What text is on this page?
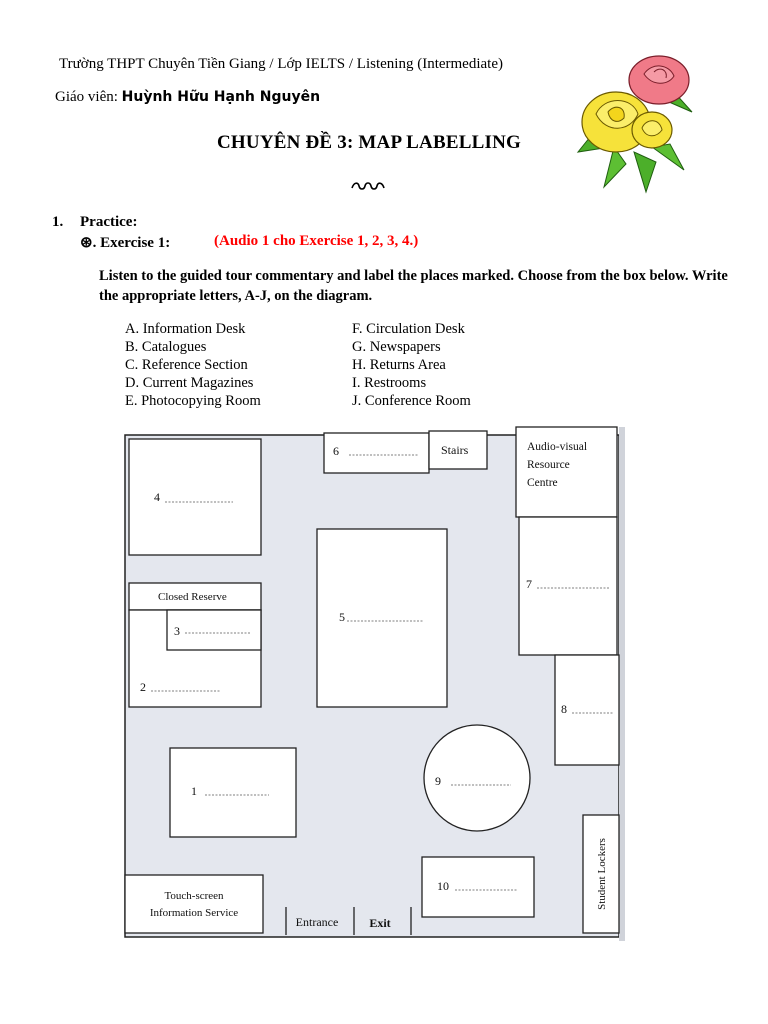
Trường THPT Chuyên Tiền Giang / Lớp IELTS / Listening (Intermediate)
Giáo viên: Huỳnh Hữu Hạnh Nguyên
CHUYÊN ĐỀ 3: MAP LABELLING
1. Practice:
⊛. Exercise 1:	(Audio 1 cho Exercise 1, 2, 3, 4.)
Listen to the guided tour commentary and label the places marked. Choose from the box below. Write the appropriate letters, A-J, on the diagram.
A. Information Desk
B. Catalogues
C. Reference Section
D. Current Magazines
E. Photocopying Room
F. Circulation Desk
G. Newspapers
H. Returns Area
I. Restrooms
J. Conference Room
4
6	Stairs	Audio-visual
Resource
Centre
7
Closed Reserve
3
5
2
8
9
1
10
Touch-screen
Information Service
Entrance	Exit
Student Lockers
